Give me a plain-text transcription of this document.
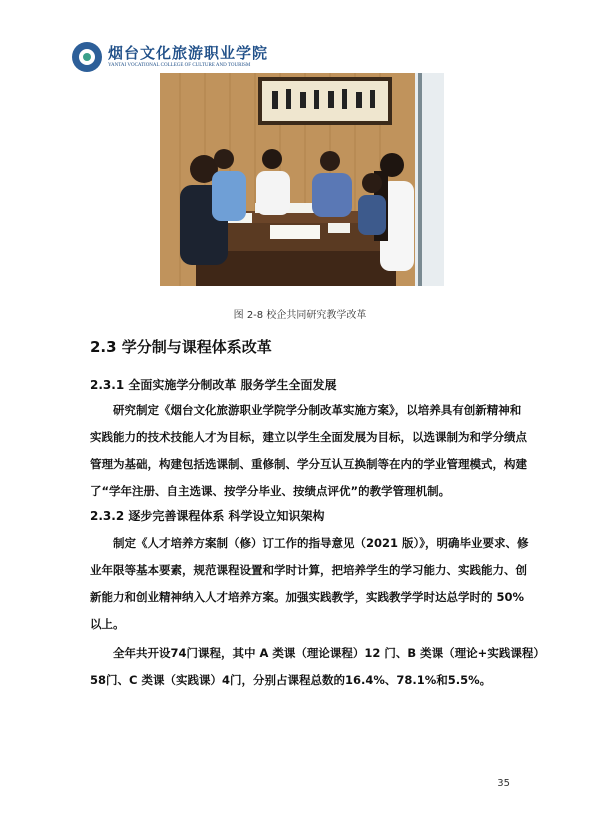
烟台文化旅游职业学院
YANTAI VOCATIONAL COLLEGE OF CULTURE AND TOURISM
图 2-8 校企共同研究教学改革
2.3 学分制与课程体系改革
2.3.1 全面实施学分制改革 服务学生全面发展
研究制定《烟台文化旅游职业学院学分制改革实施方案》，以培养具有创新精神和
实践能力的技术技能人才为目标，建立以学生全面发展为目标，以选课制为和学分绩点
管理为基础，构建包括选课制、重修制、学分互认互换制等在内的学业管理模式，构建
了“学年注册、自主选课、按学分毕业、按绩点评优”的教学管理机制。
2.3.2 逐步完善课程体系 科学设立知识架构
制定《人才培养方案制（修）订工作的指导意见（2021 版）》，明确毕业要求、修
业年限等基本要素，规范课程设置和学时计算，把培养学生的学习能力、实践能力、创
新能力和创业精神纳入人才培养方案。加强实践教学，实践教学学时达总学时的 50%
以上。
全年共开设74门课程，其中 A 类课（理论课程）12 门、B 类课（理论+实践课程）
58门、C 类课（实践课）4门，分别占课程总数的16.4%、78.1%和5.5%。
35
